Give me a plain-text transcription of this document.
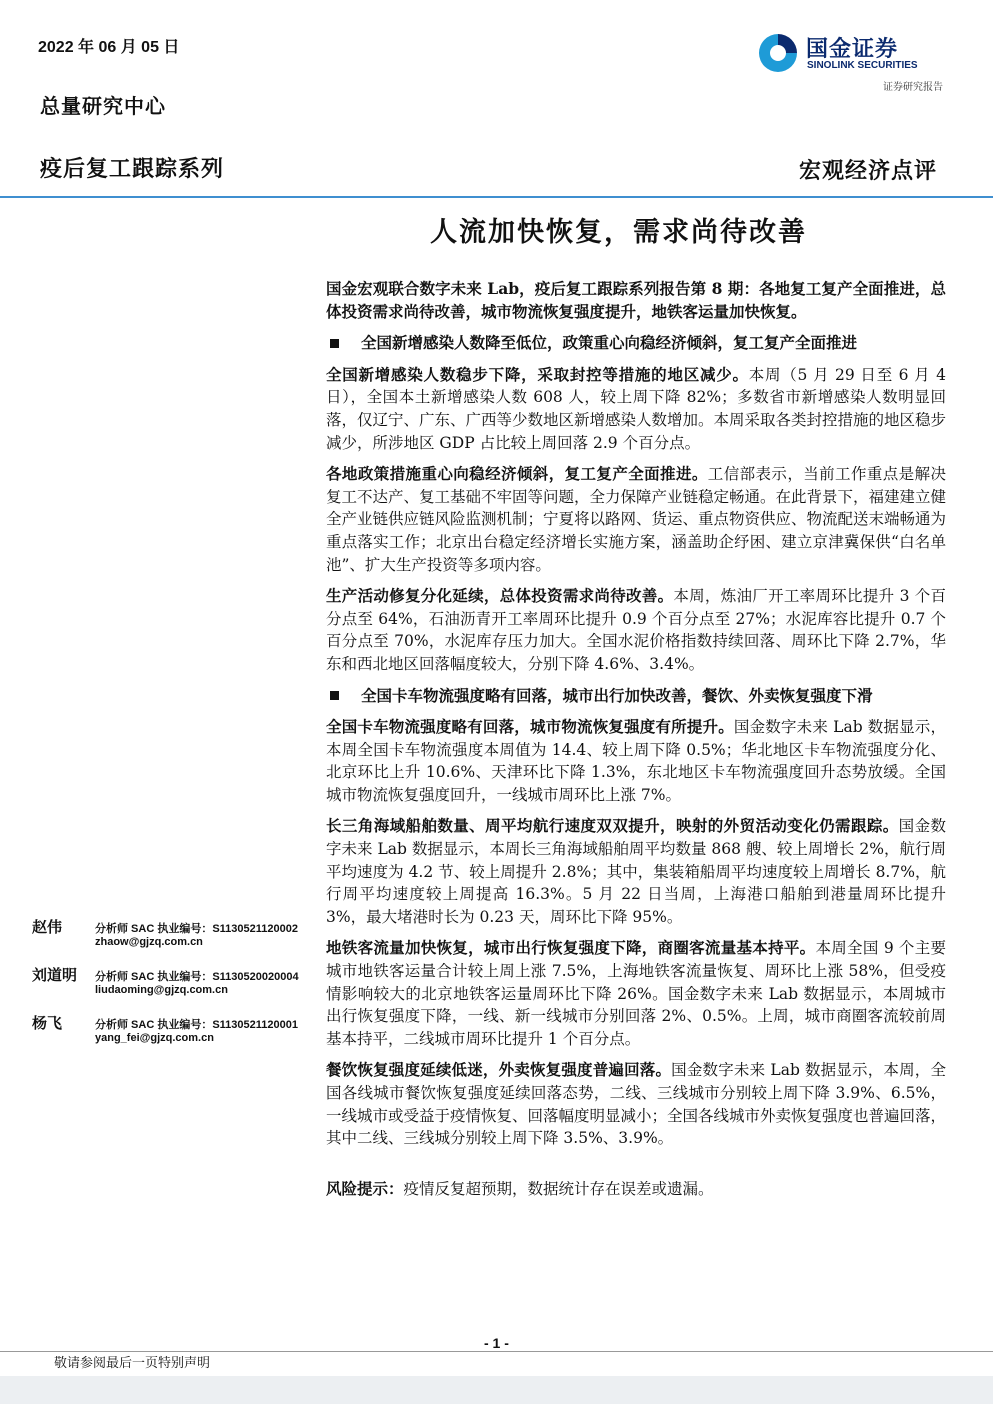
2022 年 06 月 05 日
总量研究中心
疫后复工跟踪系列	宏观经济点评
国金证券
SINOLINK SECURITIES
证券研究报告
人流加快恢复，需求尚待改善

国金宏观联合数字未来 Lab，疫后复工跟踪系列报告第 8 期：各地复工复产全面推进，总体投资需求尚待改善，城市物流恢复强度提升，地铁客运量加快恢复。

全国新增感染人数降至低位，政策重心向稳经济倾斜，复工复产全面推进

全国新增感染人数稳步下降，采取封控等措施的地区减少。本周（5 月 29 日至 6 月 4 日），全国本土新增感染人数 608 人，较上周下降 82%；多数省市新增感染人数明显回落，仅辽宁、广东、广西等少数地区新增感染人数增加。本周采取各类封控措施的地区稳步减少，所涉地区 GDP 占比较上周回落 2.9 个百分点。

各地政策措施重心向稳经济倾斜，复工复产全面推进。工信部表示，当前工作重点是解决复工不达产、复工基础不牢固等问题，全力保障产业链稳定畅通。在此背景下，福建建立健全产业链供应链风险监测机制；宁夏将以路网、货运、重点物资供应、物流配送末端畅通为重点落实工作；北京出台稳定经济增长实施方案，涵盖助企纾困、建立京津冀保供“白名单池”、扩大生产投资等多项内容。

生产活动修复分化延续，总体投资需求尚待改善。本周，炼油厂开工率周环比提升 3 个百分点至 64%，石油沥青开工率周环比提升 0.9 个百分点至 27%；水泥库容比提升 0.7 个百分点至 70%，水泥库存压力加大。全国水泥价格指数持续回落、周环比下降 2.7%，华东和西北地区回落幅度较大，分别下降 4.6%、3.4%。

全国卡车物流强度略有回落，城市出行加快改善，餐饮、外卖恢复强度下滑

全国卡车物流强度略有回落，城市物流恢复强度有所提升。国金数字未来 Lab 数据显示，本周全国卡车物流强度本周值为 14.4、较上周下降 0.5%；华北地区卡车物流强度分化、北京环比上升 10.6%、天津环比下降 1.3%，东北地区卡车物流强度回升态势放缓。全国城市物流恢复强度回升，一线城市周环比上涨 7%。

长三角海域船舶数量、周平均航行速度双双提升，映射的外贸活动变化仍需跟踪。国金数字未来 Lab 数据显示，本周长三角海域船舶周平均数量 868 艘、较上周增长 2%，航行周平均速度为 4.2 节、较上周提升 2.8%；其中，集装箱船周平均速度较上周增长 8.7%，航行周平均速度较上周提高 16.3%。5 月 22 日当周，上海港口船舶到港量周环比提升 3%，最大堵港时长为 0.23 天，周环比下降 95%。

地铁客流量加快恢复，城市出行恢复强度下降，商圈客流量基本持平。本周全国 9 个主要城市地铁客运量合计较上周上涨 7.5%，上海地铁客流量恢复、周环比上涨 58%，但受疫情影响较大的北京地铁客运量周环比下降 26%。国金数字未来 Lab 数据显示，本周城市出行恢复强度下降，一线、新一线城市分别回落 2%、0.5%。上周，城市商圈客流较前周基本持平，二线城市周环比提升 1 个百分点。

餐饮恢复强度延续低迷，外卖恢复强度普遍回落。国金数字未来 Lab 数据显示，本周，全国各线城市餐饮恢复强度延续回落态势，二线、三线城市分别较上周下降 3.9%、6.5%，一线城市或受益于疫情恢复、回落幅度明显减小；全国各线城市外卖恢复强度也普遍回落，其中二线、三线城分别较上周下降 3.5%、3.9%。

风险提示：疫情反复超预期，数据统计存在误差或遗漏。

赵伟	分析师 SAC 执业编号：S1130521120002
zhaow@gjzq.com.cn
刘道明 分析师 SAC 执业编号：S1130520020004
liudaoming@gjzq.com.cn
杨飞	分析师 SAC 执业编号：S1130521120001
yang_fei@gjzq.com.cn
- 1 -
敬请参阅最后一页特别声明
